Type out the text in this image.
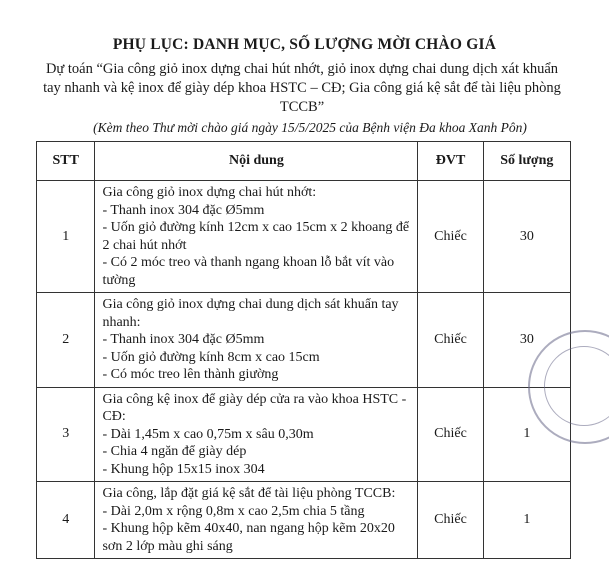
PHỤ LỤC: DANH MỤC, SỐ LƯỢNG MỜI CHÀO GIÁ
Dự toán “Gia công giỏ inox dựng chai hút nhớt, giỏ inox dựng chai dung dịch xát khuẩn tay nhanh và kệ inox để giày dép khoa HSTC – CĐ; Gia công giá kệ sắt để tài liệu phòng TCCB”
(Kèm theo Thư mời chào giá ngày 15/5/2025 của Bệnh viện Đa khoa Xanh Pôn)
STT	Nội dung	ĐVT	Số lượng
1	Gia công giỏ inox dựng chai hút nhớt:
- Thanh inox 304 đặc Ø5mm
- Uốn giỏ đường kính 12cm x cao 15cm x 2 khoang để 2 chai hút nhớt
- Có 2 móc treo và thanh ngang khoan lỗ bắt vít vào tường	Chiếc	30
2	Gia công giỏ inox dựng chai dung dịch sát khuẩn tay nhanh:
- Thanh inox 304 đặc Ø5mm
- Uốn giỏ đường kính 8cm x cao 15cm
- Có móc treo lên thành giường	Chiếc	30
3	Gia công kệ inox để giày dép cửa ra vào khoa HSTC - CĐ:
- Dài 1,45m x cao 0,75m x sâu 0,30m
- Chia 4 ngăn để giày dép
- Khung hộp 15x15 inox 304	Chiếc	1
4	Gia công, lắp đặt giá kệ sắt để tài liệu phòng TCCB:
- Dài 2,0m x rộng 0,8m x cao 2,5m chia 5 tầng
- Khung hộp kẽm 40x40, nan ngang hộp kẽm 20x20 sơn 2 lớp màu ghi sáng	Chiếc	1
